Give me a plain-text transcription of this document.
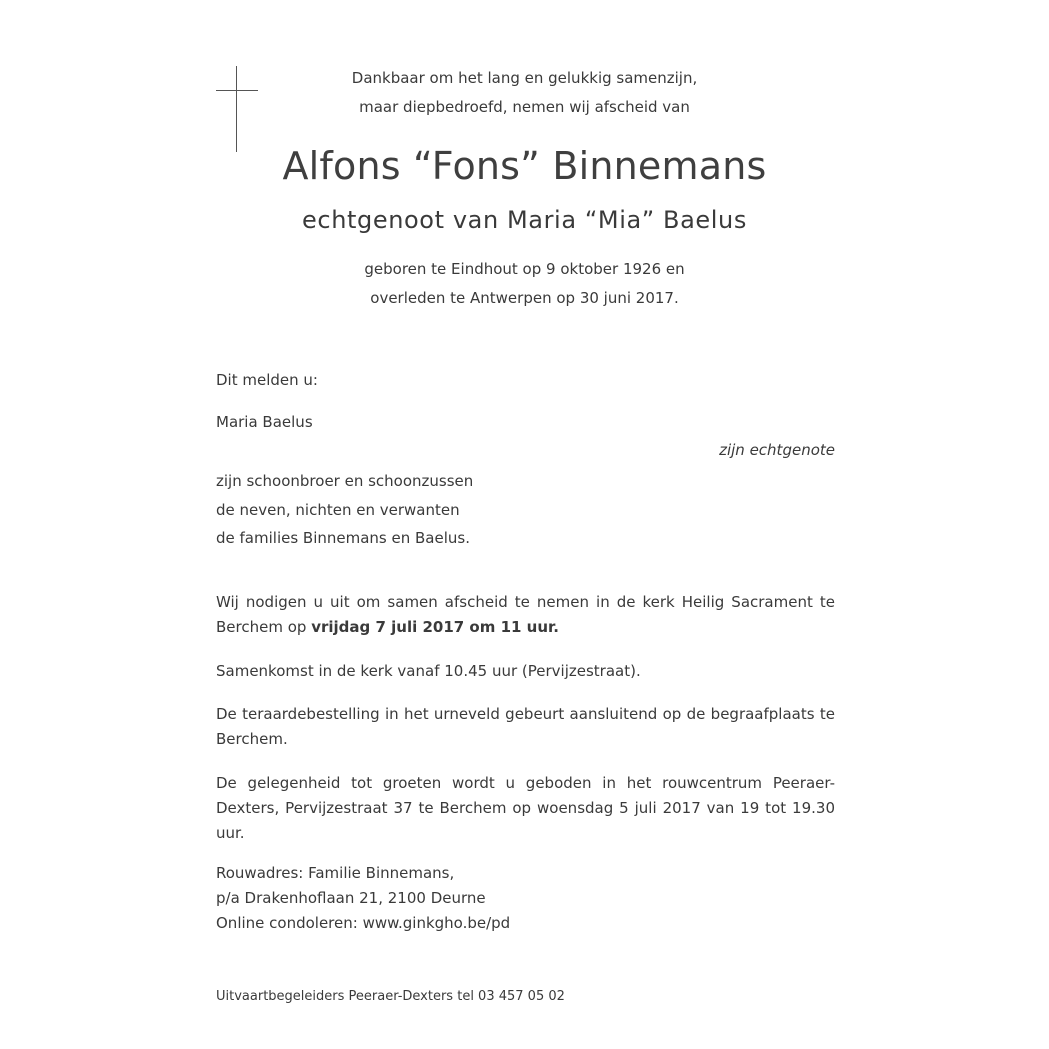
Dankbaar om het lang en gelukkig samenzijn,
maar diepbedroefd, nemen wij afscheid van
Alfons “Fons” Binnemans
echtgenoot van Maria “Mia” Baelus
geboren te Eindhout op 9 oktober 1926 en
overleden te Antwerpen op 30 juni 2017.
Dit melden u:
Maria Baelus
zijn echtgenote
zijn schoonbroer en schoonzussen
de neven, nichten en verwanten
de families Binnemans en Baelus.
Wij nodigen u uit om samen afscheid te nemen in de kerk Heilig Sacrament te Berchem op vrijdag 7 juli 2017 om 11 uur.
Samenkomst in de kerk vanaf 10.45 uur (Pervijzestraat).
De teraardebestelling in het urneveld gebeurt aansluitend op de begraafplaats te Berchem.
De gelegenheid tot groeten wordt u geboden in het rouwcentrum Peeraer-Dexters, Pervijzestraat 37 te Berchem op woensdag 5 juli 2017 van 19 tot 19.30 uur.
Rouwadres: Familie Binnemans,
p/a Drakenhoflaan 21, 2100 Deurne
Online condoleren: www.ginkgho.be/pd
Uitvaartbegeleiders Peeraer-Dexters tel 03 457 05 02
